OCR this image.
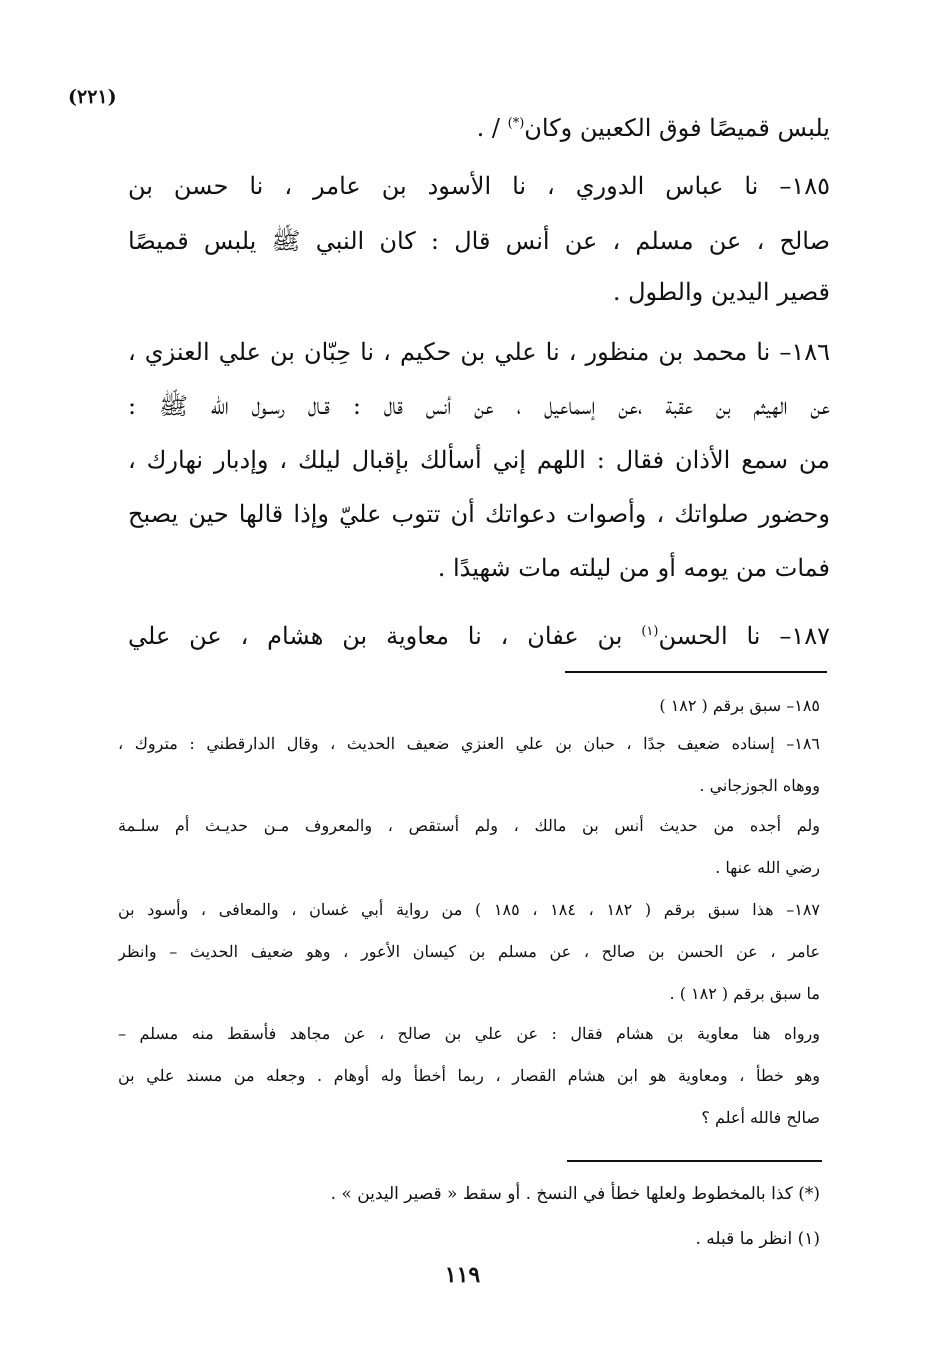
(٢٢١)
يلبس قميصًا فوق الكعبين وكان(*) / .
١٨٥– نا عباس الدوري ، نا الأسود بن عامر ، نا حسن بن
صالح ، عن مسلم ، عن أنس قال : كان النبي ﷺ يلبس قميصًا
قصير اليدين والطول .
١٨٦– نا محمد بن منظور ، نا علي بن حكيم ، نا حِبّان بن علي العنزي ،
عن الهيثم بن عقبة ،عن إسماعيل ، عن أنس قال : قـال رسـول الله ﷺ :
من سمع الأذان فقال : اللهم إني أسألك بإقبال ليلك ، وإدبار نهارك ،
وحضور صلواتك ، وأصوات دعواتك أن تتوب عليّ وإذا قالها حين يصبح
فمات من يومه أو من ليلته مات شهيدًا .
١٨٧– نا الحسن$^{(١)}$ بن عفان ، نا معاوية بن هشام ، عن علي
١٨٥– سبق برقم ( ١٨٢ )
١٨٦– إسناده ضعيف جدًا ، حبان بن علي العنزي ضعيف الحديث ، وقال الدارقطني : متروك ،
ووهاه الجوزجاني .
ولم أجده من حديث أنس بن مالك ، ولم أستقص ، والمعروف مـن حديـث أم سلـمة
رضي الله عنها .
١٨٧– هذا سبق برقم ( ١٨٢ ، ١٨٤ ، ١٨٥ ) من رواية أبي غسان ، والمعافى ، وأسود بن
عامر ، عن الحسن بن صالح ، عن مسلم بن كيسان الأعور ، وهو ضعيف الحديث – وانظر
ما سبق برقم ( ١٨٢ ) .
ورواه هنا معاوية بن هشام فقال : عن علي بن صالح ، عن مجاهد فأسقط منه مسلم –
وهو خطأ ، ومعاوية هو ابن هشام القصار ، ربما أخطأ وله أوهام . وجعله من مسند علي بن
صالح فالله أعلم ؟
(*) كذا بالمخطوط ولعلها خطأ في النسخ . أو سقط « قصير اليدين » .
(١) انظر ما قبله .
١١٩
